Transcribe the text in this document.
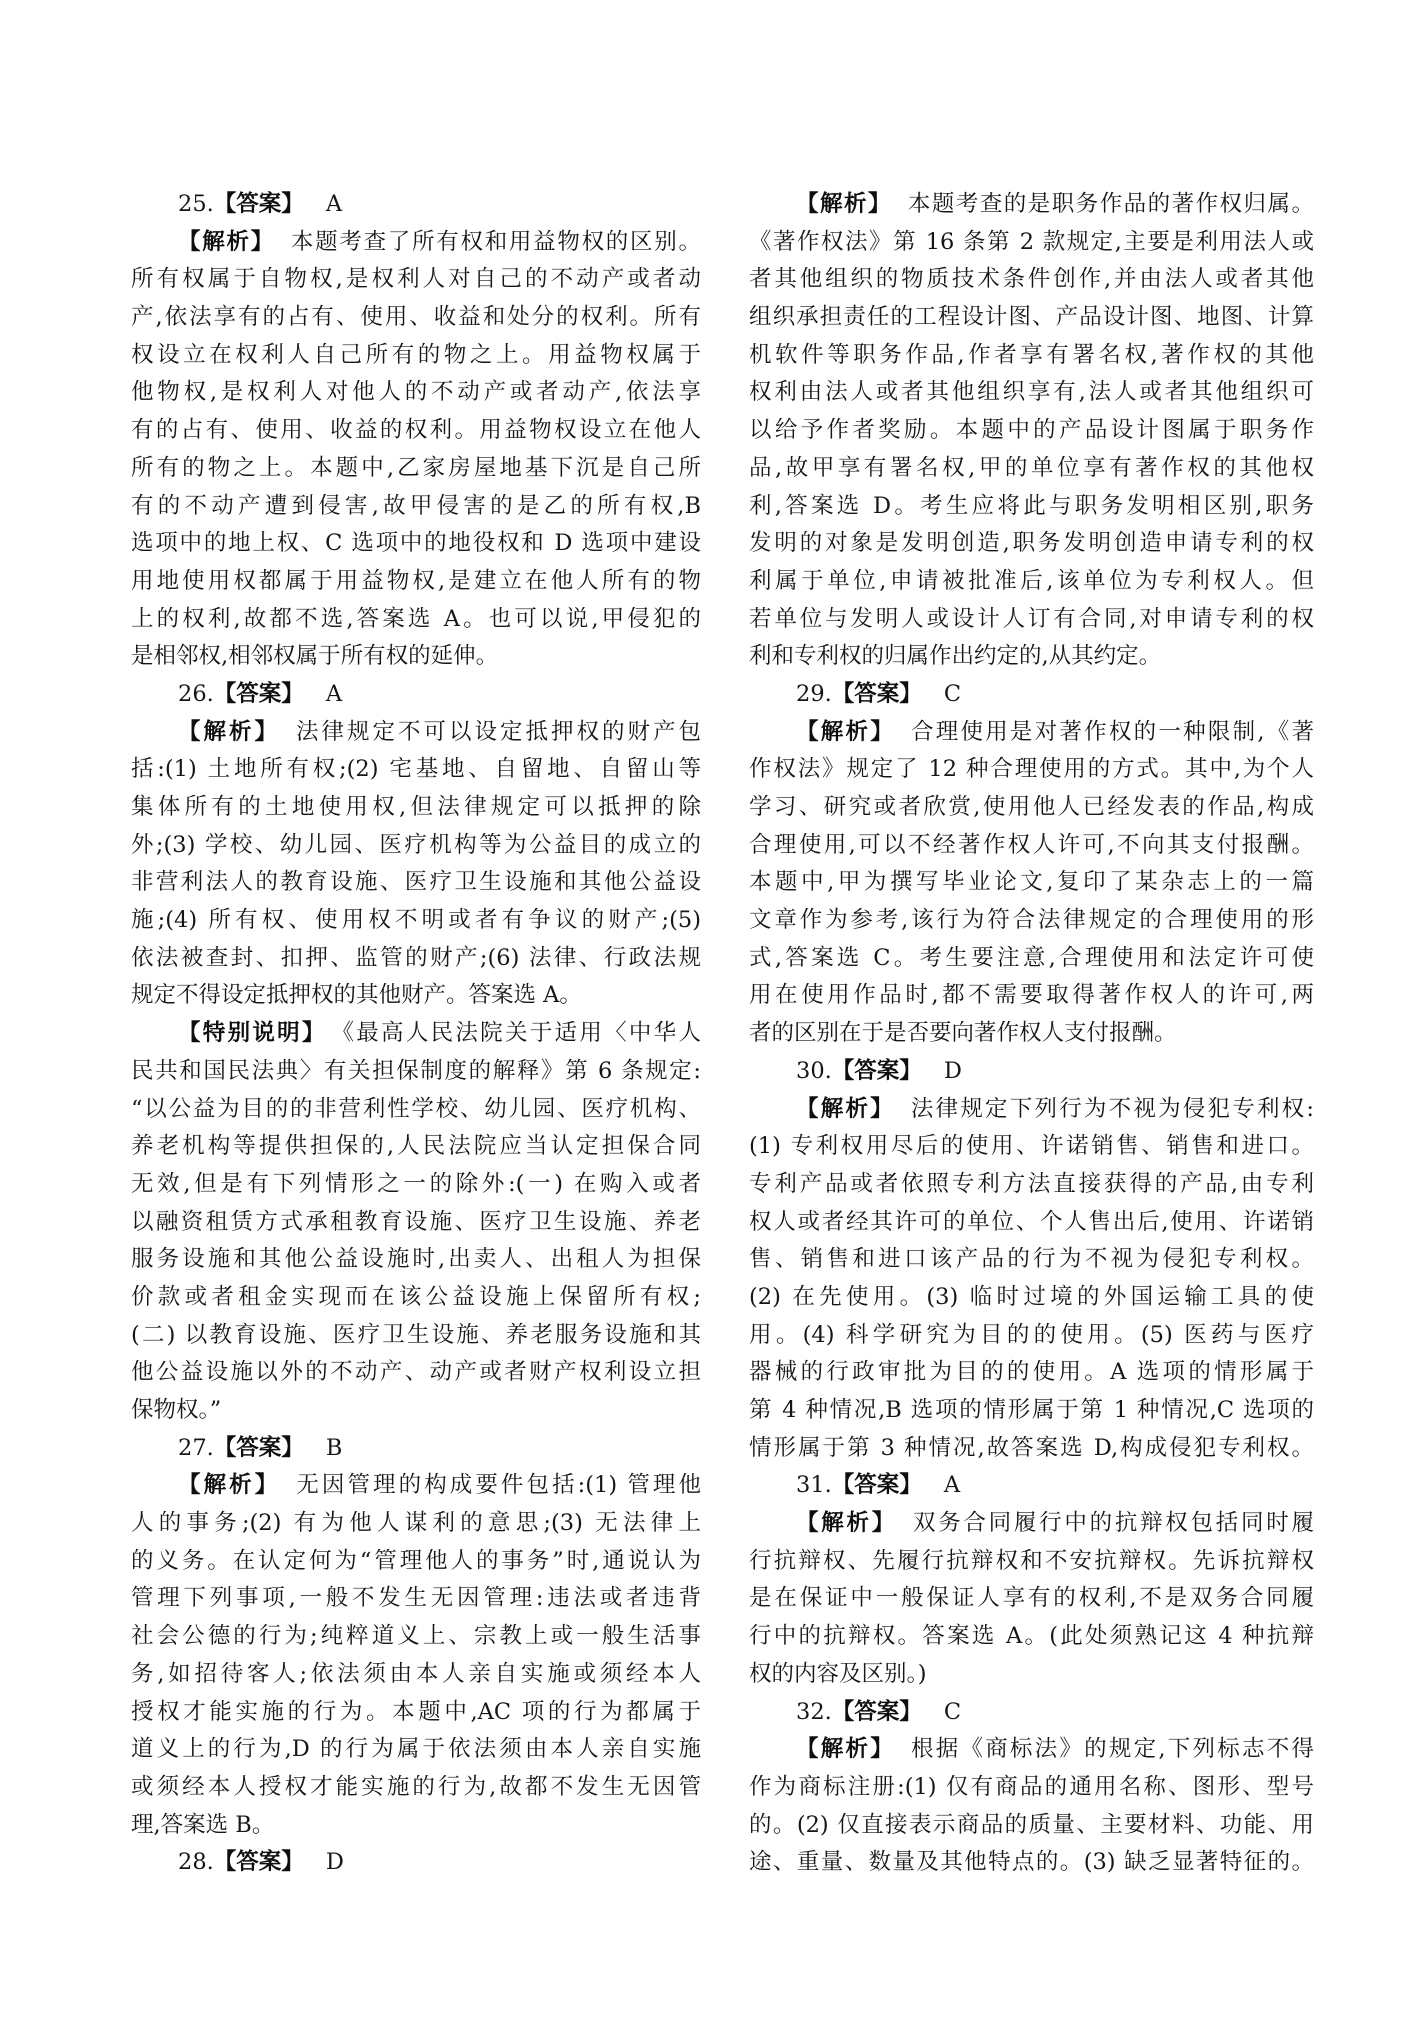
25.【答案】 A
【解析】 本题考查了所有权和用益物权的区别。
所有权属于自物权,是权利人对自己的不动产或者动
产,依法享有的占有、使用、收益和处分的权利。所有
权设立在权利人自己所有的物之上。用益物权属于
他物权,是权利人对他人的不动产或者动产,依法享
有的占有、使用、收益的权利。用益物权设立在他人
所有的物之上。本题中,乙家房屋地基下沉是自己所
有的不动产遭到侵害,故甲侵害的是乙的所有权,B
选项中的地上权、C 选项中的地役权和 D 选项中建设
用地使用权都属于用益物权,是建立在他人所有的物
上的权利,故都不选,答案选 A。也可以说,甲侵犯的
是相邻权,相邻权属于所有权的延伸。
26.【答案】 A
【解析】 法律规定不可以设定抵押权的财产包
括:(1) 土地所有权;(2) 宅基地、自留地、自留山等
集体所有的土地使用权,但法律规定可以抵押的除
外;(3) 学校、幼儿园、医疗机构等为公益目的成立的
非营利法人的教育设施、医疗卫生设施和其他公益设
施;(4) 所有权、使用权不明或者有争议的财产;(5)
依法被查封、扣押、监管的财产;(6) 法律、行政法规
规定不得设定抵押权的其他财产。答案选 A。
【特别说明】 《最高人民法院关于适用〈中华人
民共和国民法典〉有关担保制度的解释》第 6 条规定:
“以公益为目的的非营利性学校、幼儿园、医疗机构、
养老机构等提供担保的,人民法院应当认定担保合同
无效,但是有下列情形之一的除外:(一) 在购入或者
以融资租赁方式承租教育设施、医疗卫生设施、养老
服务设施和其他公益设施时,出卖人、出租人为担保
价款或者租金实现而在该公益设施上保留所有权;
(二) 以教育设施、医疗卫生设施、养老服务设施和其
他公益设施以外的不动产、动产或者财产权利设立担
保物权。”
27.【答案】 B
【解析】 无因管理的构成要件包括:(1) 管理他
人的事务;(2) 有为他人谋利的意思;(3) 无法律上
的义务。在认定何为“管理他人的事务”时,通说认为
管理下列事项,一般不发生无因管理:违法或者违背
社会公德的行为;纯粹道义上、宗教上或一般生活事
务,如招待客人;依法须由本人亲自实施或须经本人
授权才能实施的行为。本题中,AC 项的行为都属于
道义上的行为,D 的行为属于依法须由本人亲自实施
或须经本人授权才能实施的行为,故都不发生无因管
理,答案选 B。
28.【答案】 D
【解析】 本题考查的是职务作品的著作权归属。
《著作权法》第 16 条第 2 款规定,主要是利用法人或
者其他组织的物质技术条件创作,并由法人或者其他
组织承担责任的工程设计图、产品设计图、地图、计算
机软件等职务作品,作者享有署名权,著作权的其他
权利由法人或者其他组织享有,法人或者其他组织可
以给予作者奖励。本题中的产品设计图属于职务作
品,故甲享有署名权,甲的单位享有著作权的其他权
利,答案选 D。考生应将此与职务发明相区别,职务
发明的对象是发明创造,职务发明创造申请专利的权
利属于单位,申请被批准后,该单位为专利权人。但
若单位与发明人或设计人订有合同,对申请专利的权
利和专利权的归属作出约定的,从其约定。
29.【答案】 C
【解析】 合理使用是对著作权的一种限制,《著
作权法》规定了 12 种合理使用的方式。其中,为个人
学习、研究或者欣赏,使用他人已经发表的作品,构成
合理使用,可以不经著作权人许可,不向其支付报酬。
本题中,甲为撰写毕业论文,复印了某杂志上的一篇
文章作为参考,该行为符合法律规定的合理使用的形
式,答案选 C。考生要注意,合理使用和法定许可使
用在使用作品时,都不需要取得著作权人的许可,两
者的区别在于是否要向著作权人支付报酬。
30.【答案】 D
【解析】 法律规定下列行为不视为侵犯专利权:
(1) 专利权用尽后的使用、许诺销售、销售和进口。
专利产品或者依照专利方法直接获得的产品,由专利
权人或者经其许可的单位、个人售出后,使用、许诺销
售、销售和进口该产品的行为不视为侵犯专利权。
(2) 在先使用。(3) 临时过境的外国运输工具的使
用。(4) 科学研究为目的的使用。(5) 医药与医疗
器械的行政审批为目的的使用。A 选项的情形属于
第 4 种情况,B 选项的情形属于第 1 种情况,C 选项的
情形属于第 3 种情况,故答案选 D,构成侵犯专利权。
31.【答案】 A
【解析】 双务合同履行中的抗辩权包括同时履
行抗辩权、先履行抗辩权和不安抗辩权。先诉抗辩权
是在保证中一般保证人享有的权利,不是双务合同履
行中的抗辩权。答案选 A。(此处须熟记这 4 种抗辩
权的内容及区别。)
32.【答案】 C
【解析】 根据《商标法》的规定,下列标志不得
作为商标注册:(1) 仅有商品的通用名称、图形、型号
的。(2) 仅直接表示商品的质量、主要材料、功能、用
途、重量、数量及其他特点的。(3) 缺乏显著特征的。
